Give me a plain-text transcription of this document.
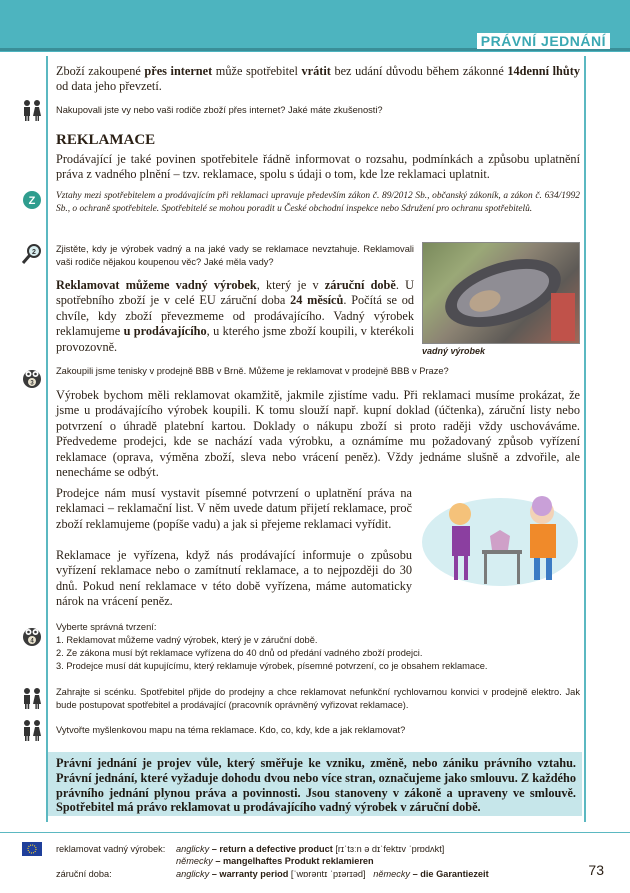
PRÁVNÍ JEDNÁNÍ
Zboží zakoupené přes internet může spotřebitel vrátit bez udání důvodu během zákonné 14denní lhůty od data jeho převzetí.
Nakupovali jste vy nebo vaši rodiče zboží přes internet? Jaké máte zkušenosti?
REKLAMACE
Prodávající je také povinen spotřebitele řádně informovat o rozsahu, podmínkách a způsobu uplatnění práva z vadného plnění – tzv. reklamace, spolu s údaji o tom, kde lze reklamaci uplatnit.
Z Vztahy mezi spotřebitelem a prodávajícím při reklamaci upravuje především zákon č. 89/2012 Sb., občanský zákoník, a zákon č. 634/1992 Sb., o ochraně spotřebitele. Spotřebitelé se mohou poradit u České obchodní inspekce nebo Sdružení pro ochranu spotřebitelů.
2 Zjistěte, kdy je výrobek vadný a na jaké vady se reklamace nevztahuje. Reklamovali vaši rodiče nějakou koupenou věc? Jaké měla vady?
Reklamovat můžeme vadný výrobek, který je v záruční době. U spotřebního zboží je v celé EU záruční doba 24 měsíců. Počítá se od chvíle, kdy zboží převezmeme od prodávajícího. Vadný výrobek reklamujeme u prodávajícího, u kterého jsme zboží koupili, v kterékoli provozovně.	vadný výrobek
3
Zakoupili jsme tenisky v prodejně BBB v Brně. Můžeme je reklamovat v prodejně BBB v Praze?
Výrobek bychom měli reklamovat okamžitě, jakmile zjistíme vadu. Při reklamaci musíme prokázat, že jsme u prodávajícího výrobek koupili. K tomu slouží např. kupní doklad (účtenka), záruční listy nebo potvrzení o úhradě platební kartou. Doklady o nákupu zboží si proto raději vždy uschováváme. Předvedeme prodejci, kde se nachází vada výrobku, a oznámíme mu požadovaný způsob vyřízení reklamace (oprava, výměna zboží, sleva nebo vrácení peněz). Vždy jednáme slušně a zdvořile, ale nenecháme se odbýt.
Prodejce nám musí vystavit písemné potvrzení o uplatnění práva na reklamaci – reklamační list. V něm uvede datum přijetí reklamace, proč zboží reklamujeme (popíše vadu) a jak si přejeme reklamaci vyřídit.
Reklamace je vyřízena, když nás prodávající informuje o způsobu vyřízení reklamace nebo o zamítnutí reklamace, a to nejpozději do 30 dnů. Pokud není reklamace v této době vyřízena, máme automaticky nárok na vrácení peněz.
4
Vyberte správná tvrzení:
1. Reklamovat můžeme vadný výrobek, který je v záruční době.
2. Ze zákona musí být reklamace vyřízena do 40 dnů od předání vadného zboží prodejci.
3. Prodejce musí dát kupujícímu, který reklamuje výrobek, písemné potvrzení, co je obsahem reklamace.
Zahrajte si scénku. Spotřebitel přijde do prodejny a chce reklamovat nefunkční rychlovarnou konvici v prodejně elektro. Jak bude postupovat spotřebitel a prodávající (pracovník oprávněný vyřizovat reklamace).
Vytvořte myšlenkovou mapu na téma reklamace. Kdo, co, kdy, kde a jak reklamovat?
Právní jednání je projev vůle, který směřuje ke vzniku, změně, nebo zániku právního vztahu. Právní jednání, které vyžaduje dohodu dvou nebo více stran, označujeme jako smlouvu. Z každého právního jednání plynou práva a povinnosti. Jsou stanoveny v zákoně a upraveny ve smlouvě. Spotřebitel má právo reklamovat u prodávajícího vadný výrobek v záruční době.
reklamovat vadný výrobek: anglicky – return a defective product [rɪˈtɜːn ə dɪˈfektɪv ˈprɒdʌkt]
německy – mangelhaftes Produkt reklamieren
záruční doba:	anglicky – warranty period [ˈwɒrəntɪ ˈpɪərɪəd] německy – die Garantiezeit	73
